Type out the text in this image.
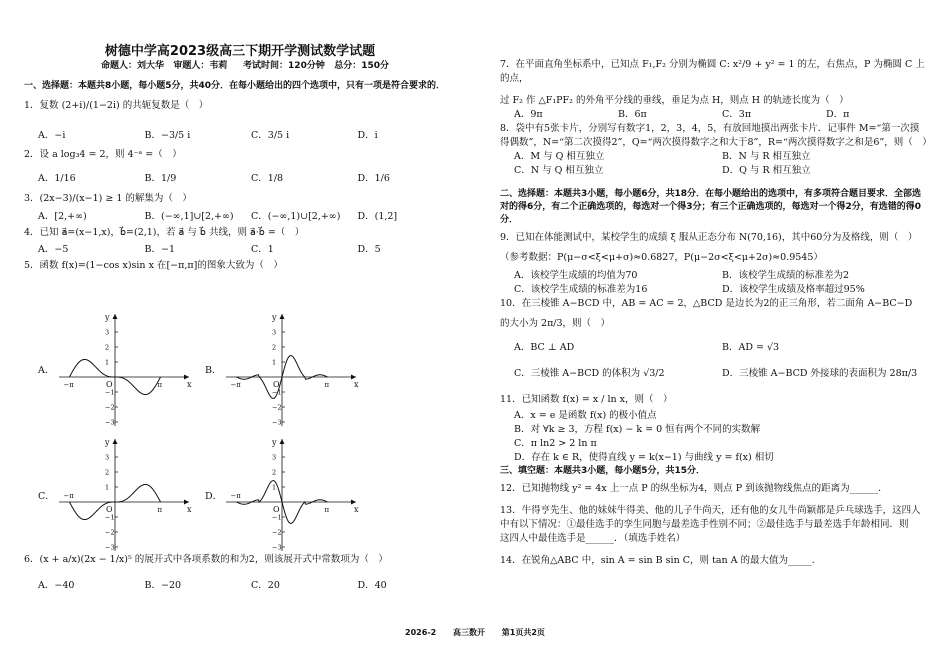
树德中学高2023级高三下期开学测试数学试题
命题人：刘大华 审题人：韦莉 考试时间：120分钟 总分：150分
一、选择题：本题共8小题，每小题5分，共40分．在每小题给出的四个选项中，只有一项是符合要求的．
1．复数 (2+i)/(1−2i) 的共轭复数是（　）
A．−i	B．−3/5 i	C．3/5 i	D．i
2．设 a log₃4 = 2，则 4⁻ᵃ =（　）
A．1/16	B．1/9	C．1/8	D．1/6
3．(2x−3)/(x−1) ≥ 1 的解集为（　）
A．[2,+∞)	B．(−∞,1]∪[2,+∞)	C．(−∞,1)∪[2,+∞)	D．(1,2]
4．已知 a⃗=(x−1,x)，b⃗=(2,1)，若 a⃗ 与 b⃗ 共线，则 a⃗·b⃗ =（　）
A．−5	B．−1	C．1	D．5
5．函数 f(x)=(1−cos x)sin x 在[−π,π]的图象大致为（　）
A．	B．
C．	D．
y
x
O
3
2
1
−1
−2
−3
−π	π
y
x
O
3
2
1
−1
−2
−3
−π	π
y
x
O
3
2
1
−1
−2
−3
−π
π
y
x
O
3
2
1
−1
−2
−3
−π
π
6．(x + a/x)(2x − 1/x)⁵ 的展开式中各项系数的和为2，则该展开式中常数项为（　）
A．−40	B．−20	C．20	D．40
7．在平面直角坐标系中，已知点 F₁,F₂ 分别为椭圆 C: x²/9 + y² = 1 的左，右焦点，P 为椭圆 C 上的点，
过 F₂ 作 △F₁PF₂ 的外角平分线的垂线，垂足为点 H，则点 H 的轨迹长度为（　）
A．9π	B．6π	C．3π	D．π
8．袋中有5张卡片，分别写有数字1，2，3，4，5，有放回地摸出两张卡片．记事件 M=“第一次摸
得偶数”，N=“第二次摸得2”，Q=“两次摸得数字之和大于8”，R=“两次摸得数字之和是6”，则（　）
A．M 与 Q 相互独立	B．N 与 R 相互独立
C．N 与 Q 相互独立	D．Q 与 R 相互独立
二、选择题：本题共3小题，每小题6分，共18分．在每小题给出的选项中，有多项符合题目要求．全部选对的得6分，有二个正确选项的，每选对一个得3分；有三个正确选项的，每选对一个得2分，有选错的得0分．
9．已知在体能测试中，某校学生的成绩 ξ 服从正态分布 N(70,16)，其中60分为及格线，则（　）
（参考数据：P(μ−σ<ξ<μ+σ)≈0.6827，P(μ−2σ<ξ<μ+2σ)≈0.9545）
A．该校学生成绩的均值为70	B．该校学生成绩的标准差为2
C．该校学生成绩的标准差为16	D．该校学生成绩及格率超过95%
10．在三棱锥 A−BCD 中，AB = AC = 2，△BCD 是边长为2的正三角形，若二面角 A−BC−D
的大小为 2π/3，则（　）
A．BC ⊥ AD	B．AD = √3
C．三棱锥 A−BCD 的体积为 √3/2	D．三棱锥 A−BCD 外接球的表面积为 28π/3
11．已知函数 f(x) = x / ln x，则（　）
A．x = e 是函数 f(x) 的极小值点
B．对 ∀k ≥ 3，方程 f(x) − k = 0 恒有两个不同的实数解
C．π ln2 > 2 ln π
D．存在 k ∈ R，使得直线 y = k(x−1) 与曲线 y = f(x) 相切
三、填空题：本题共3小题，每小题5分，共15分．
12．已知抛物线 y² = 4x 上一点 P 的纵坐标为4，则点 P 到该抛物线焦点的距离为______．
13．牛得亨先生、他的妹妹牛得美、他的儿子牛尚天，还有他的女儿牛尚颖都是乒乓球选手，这四人
中有以下情况：①最佳选手的孪生同胞与最差选手性别不同；②最佳选手与最差选手年龄相同．则
这四人中最佳选手是______．（填选手姓名）
14．在锐角△ABC 中，sin A = sin B sin C，则 tan A 的最大值为_____．
2026-2 高三数开 第1页共2页
